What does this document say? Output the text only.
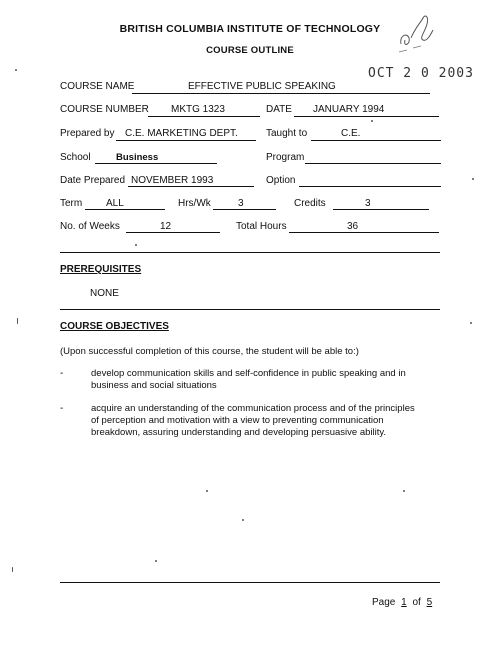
BRITISH COLUMBIA INSTITUTE OF TECHNOLOGY
COURSE OUTLINE
OCT 2 0 2003
COURSE NAME	EFFECTIVE PUBLIC SPEAKING
COURSE NUMBER MKTG 1323	DATE JANUARY 1994
Prepared by C.E. MARKETING DEPT.	Taught to	C.E.
School	Business	Program
Date Prepared NOVEMBER 1993	Option
Term ALL	Hrs/Wk	3	Credits	3
No. of Weeks	12	Total Hours	36
PREREQUISITES
NONE
COURSE OBJECTIVES
(Upon successful completion of this course, the student will be able to:)
-	develop communication skills and self-confidence in public speaking and in
business and social situations
-	acquire an understanding of the communication process and of the principles
of perception and motivation with a view to preventing communication
breakdown, assuring understanding and developing persuasive ability.
Page 1 of 5
